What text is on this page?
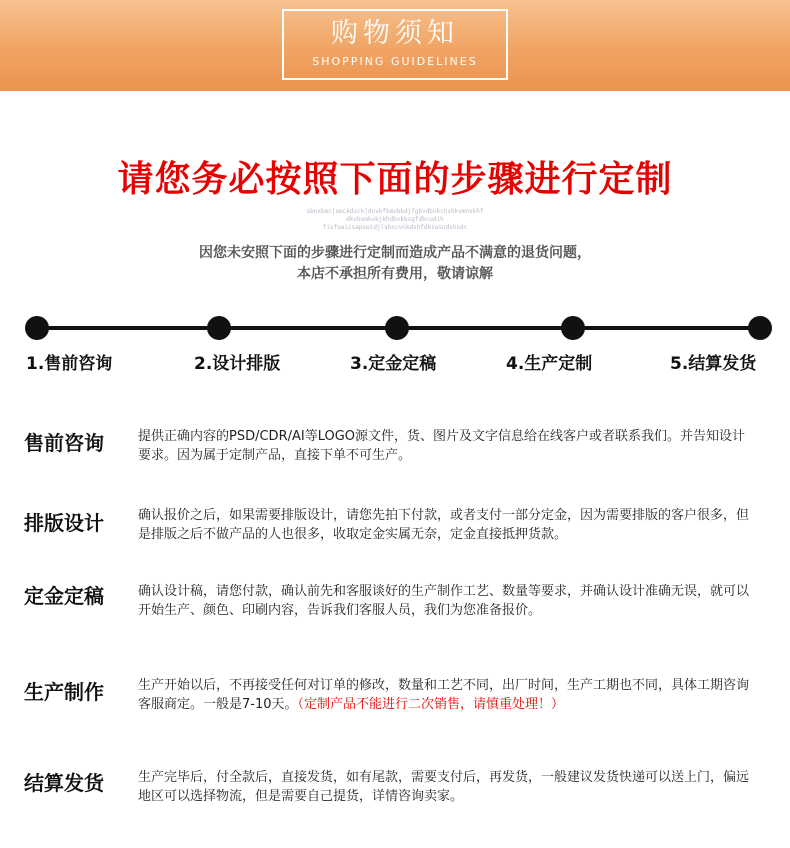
购物须知
SHOPPING GUIDELINES
请您务必按照下面的步骤进行定制
sbnxbmc|smckdsck|dnvkfkmvbkdjfgbvdbvkchsbkvmnvkhf
dkvbsmkvbjkhdbvkbsgfdhcudih
fiufuaicsapswidjlshncvnkdshfdkswsndshsdc
因您未安照下面的步骤进行定制而造成产品不满意的退货问题，
本店不承担所有费用，敬请谅解
1.售前咨询	2.设计排版	3.定金定稿	4.生产定制	5.结算发货
售前咨询	提供正确内容的PSD/CDR/AI等LOGO源文件，货、图片及文字信息给在线客户或者联系我们。并告知设计要求。因为属于定制产品，直接下单不可生产。
排版设计	确认报价之后，如果需要排版设计，请您先拍下付款，或者支付一部分定金，因为需要排版的客户很多，但是排版之后不做产品的人也很多，收取定金实属无奈，定金直接抵押货款。
定金定稿	确认设计稿，请您付款，确认前先和客服谈好的生产制作工艺、数量等要求，并确认设计准确无误，就可以开始生产、颜色、印刷内容，告诉我们客服人员，我们为您准备报价。
生产制作	生产开始以后，不再接受任何对订单的修改，数量和工艺不同，出厂时间，生产工期也不同，具体工期咨询客服商定。一般是7-10天。（定制产品不能进行二次销售，请慎重处理！）
结算发货	生产完毕后，付全款后，直接发货，如有尾款，需要支付后，再发货，一般建议发货快递可以送上门，偏远地区可以选择物流，但是需要自己提货，详情咨询卖家。
